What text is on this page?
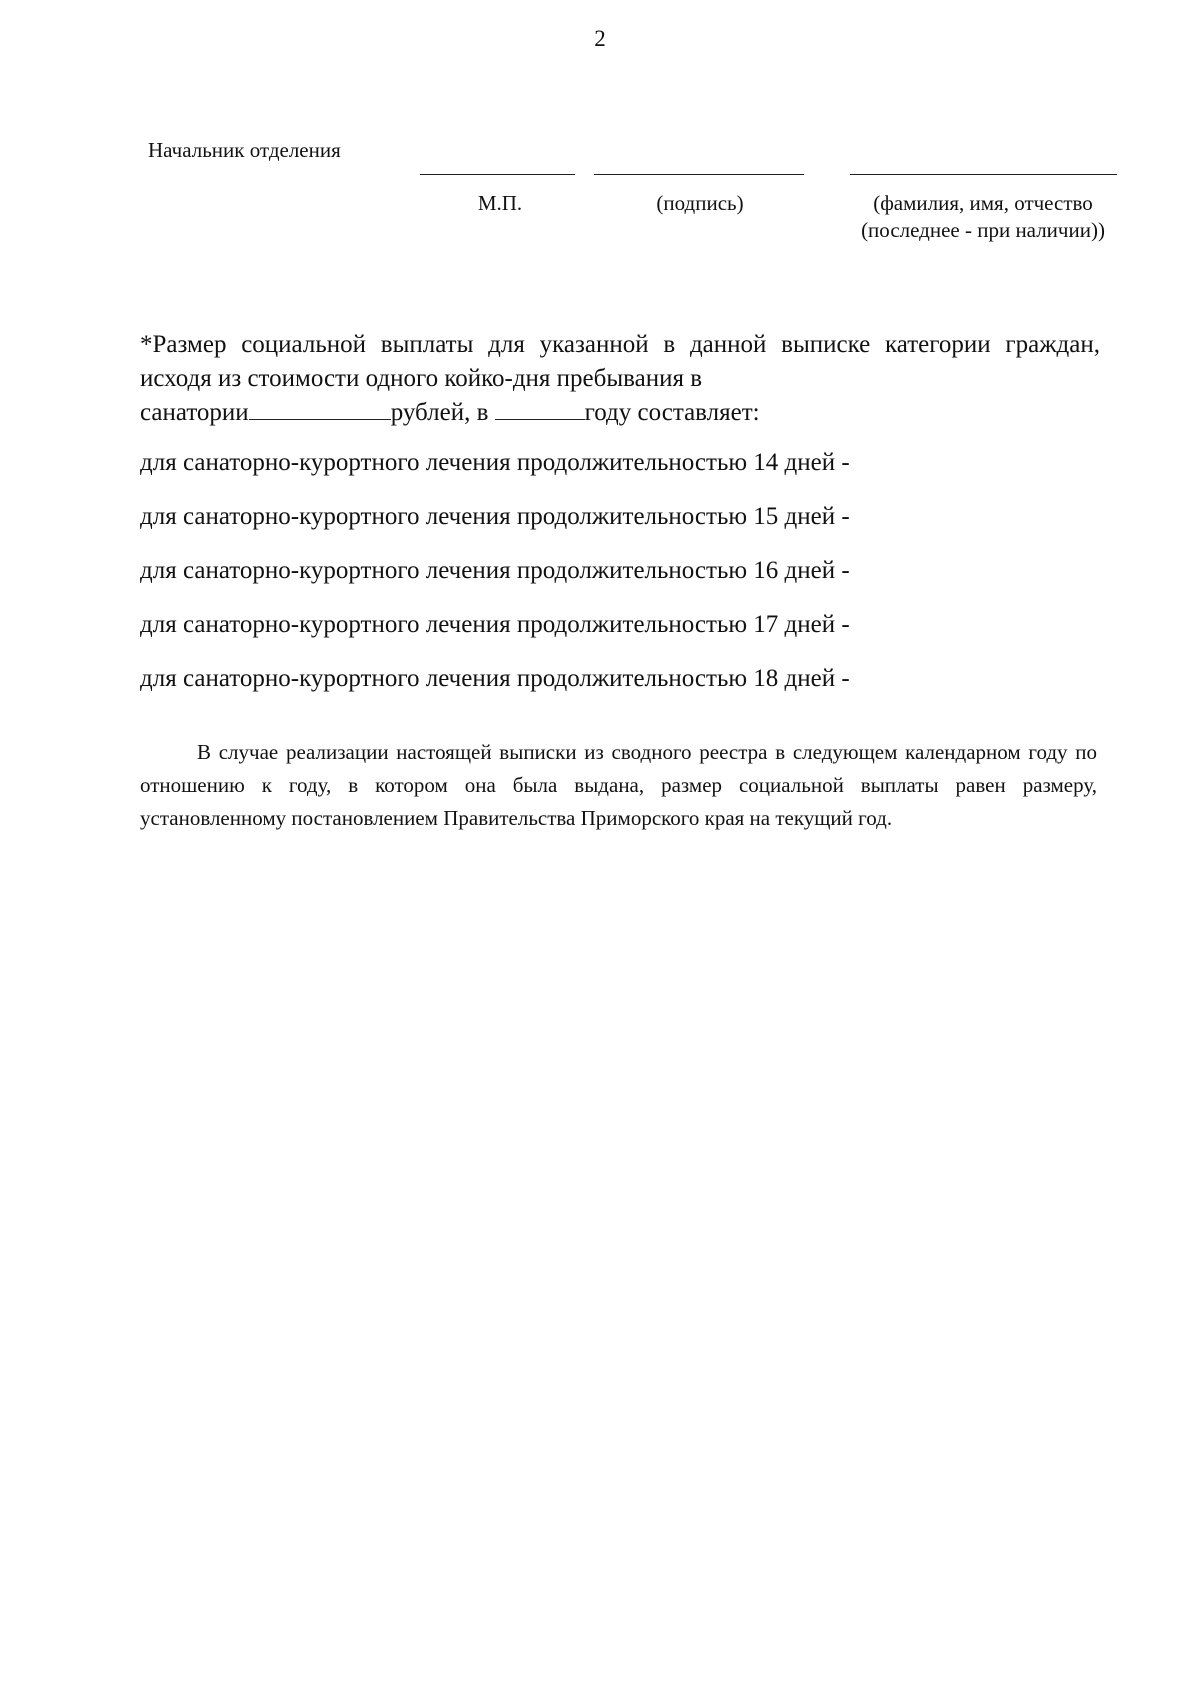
2
Начальник отделения
М.П.	(подпись)	(фамилия, имя, отчество (последнее - при наличии))
*Размер социальной выплаты для указанной в данной выписке категории граждан, исходя из стоимости одного койко-дня пребывания в
санатории	рублей, в	году составляет:
для санаторно-курортного лечения продолжительностью 14 дней -
для санаторно-курортного лечения продолжительностью 15 дней -
для санаторно-курортного лечения продолжительностью 16 дней -
для санаторно-курортного лечения продолжительностью 17 дней -
для санаторно-курортного лечения продолжительностью 18 дней -

В случае реализации настоящей выписки из сводного реестра в следующем календарном году по отношению к году, в котором она была выдана, размер социальной выплаты равен размеру, установленному постановлением Правительства Приморского края на текущий год.
